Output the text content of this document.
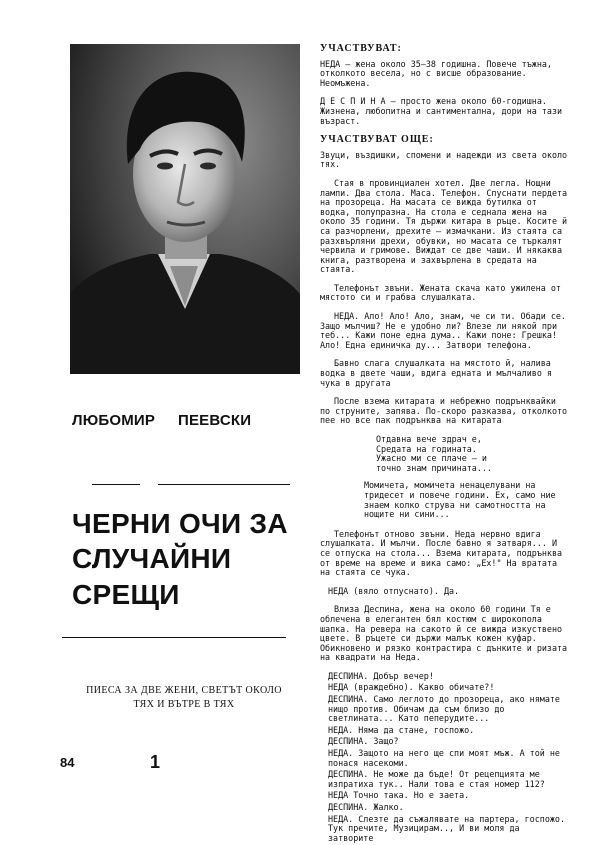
ЛЮБОМИР ПЕЕВСКИ
ЧЕРНИ ОЧИ ЗА
СЛУЧАЙНИ
СРЕЩИ
ПИЕСА ЗА ДВЕ ЖЕНИ, СВЕТЪТ ОКОЛО ТЯХ И ВЪТРЕ В ТЯХ
84	1

УЧАСТВУВАТ:

НЕДА — жена около 35—38 годишна. Повече тъжна, отколкото весела, но с висше образование. Неомъжена.

Д Е С П И Н А — просто жена около 60-годишна. Жизнена, любопитна и сантиментална, дори на тази възраст.

УЧАСТВУВАТ ОЩЕ:

Звуци, въздишки, спомени и надежди из света около тях.

Стая в провинциален хотел. Две легла. Нощни лампи. Два стола. Маса. Телефон. Спуснати пердета на прозореца. На масата се вижда бутилка от водка, полупразна. На стола е седнала жена на около 35 години. Тя държи китара в ръце. Косите й са разчорлени, дрехите — измачкани. Из стаята са разхвърляни дрехи, обувки, но масата се търкалят червила и гримове. Виждат се две чаши. И някаква книга, разтворена и захвърлена в средата на стаята.

Телефонът звъни. Жената скача като ужилена от мястото си и грабва слушалката.

НЕДА. Ало! Ало! Ало, знам, че си ти. Обади се. Защо мълчиш? Не е удобно ли? Влезе ли някой при теб... Кажи поне една дума.. Кажи поне: Грешка! Ало! Една единичка ду... Затвори телефона.

Бавно слага слушалката на мястото й, налива водка в двете чаши, вдига едната и мълчаливо я чука в другата

После взема китарата и небрежно подрънквайки по струните, запява. По-скоро разказва, отколкото пее но все пак подрънква на китарата

Отдавна вече здрач е,
Средата на годината.
Ужасно ми се плаче — и
точно знам причината...
Момичета, момичета ненацелувани на
тридесет и повече години. Ех, само ние
знаем колко струва ни самотността на
нощите ни сини...

Телефонът отново звъни. Неда нервно вдига слушалката. И мълчи. После бавно я затваря... И се отпуска на стола... Взема китарата, подрънква от време на време и вика само: „Ех!" На вратата на стаята се чука.

НЕДА (вяло отпуснато). Да.

Влиза Деспина, жена на около 60 години Тя е облечена в елегантен бял костюм с широкопола шапка. На ревера на сакото й се вижда изкуствено цвете. В ръцете си държи малък кожен куфар. Обикновено и рязко контрастира с дънките и ризата на квадрати на Неда.

ДЕСПИНА. Добър вечер!

НЕДА (враждебно). Какво обичате?!

ДЕСПИНА. Само леглото до прозореца, ако нямате нищо против. Обичам да съм близо до светлината... Като пеперудите...

НЕДА. Няма да стане, госпожо.

ДЕСПИНА. Защо?

НЕДА. Защото на него ще спи моят мъж. А той не понася насекоми.

ДЕСПИНА. Не може да бъде! От рецепцията ме изпратиха тук.. Нали това е стая номер 112?

НЕДА Точно така. Но е заета.

ДЕСПИНА. Жалко.

НЕДА. Слезте да съжалявате на партера, госпожо. Тук пречите, Музицирам.., И ви моля да затворите
